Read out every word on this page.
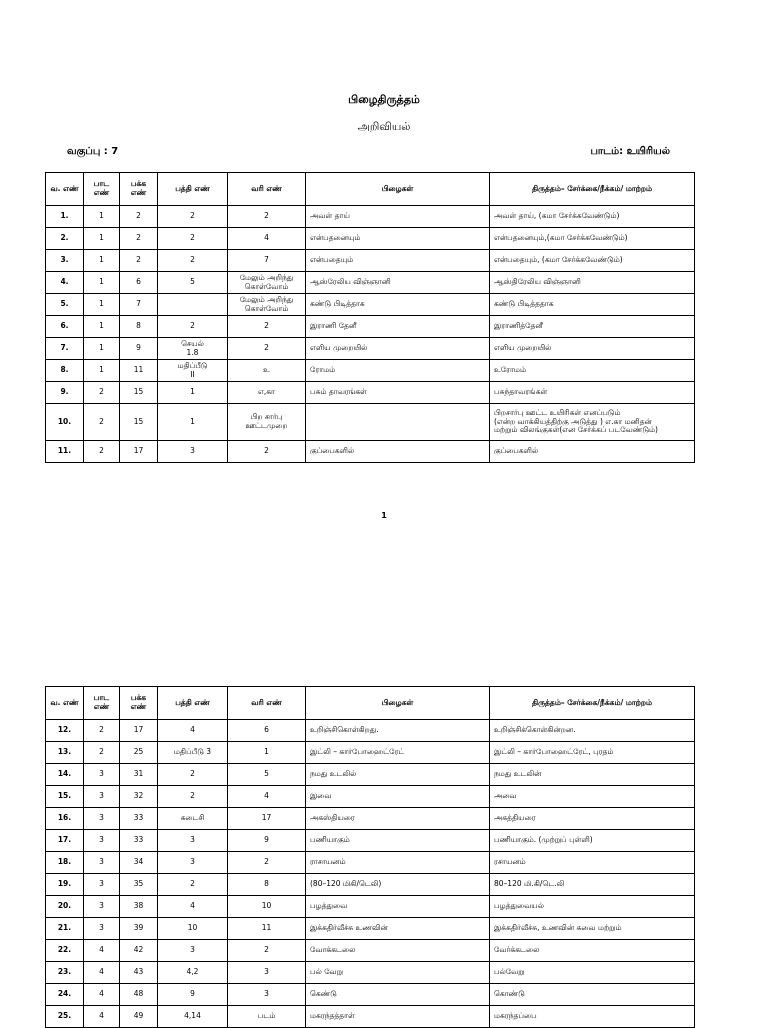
பிழைதிருத்தம்
அறிவியல்
வகுப்பு : 7	பாடம்: உயிரியல்
வ. எண்	பாட எண்	பக்க எண்	பத்தி எண்	வரி எண்	பிழைகள்	திருத்தம்– சேர்க்கை/நீக்கம்/ மாற்றம்
1.	1	2	2	2	அவள் தாய்	அவள் தாய், (கமா சேர்க்கவேண்டும்)
2.	1	2	2	4	என்பதனையும்	என்பதனையும்,(கமா சேர்க்கவேண்டும்)
3.	1	2	2	7	என்பதையும்	என்பதையும், (கமா சேர்க்கவேண்டும்)
4.	1	6	5	மேலும் அறிந்து
கொள்வோம்	ஆஸ்ரேலிய விஞ்ஞானி	ஆஸ்திரேலிய விஞ்ஞானி
5.	1	7		மேலும் அறிந்து
கொள்வோம்	கண்டு பிடித்தாக	கண்டு பிடித்ததாக
6.	1	8	2	2	இராணி தேனீ	இராணித்தேனீ
7.	1	9	செயல்
1.8	2	எளிய முறையில்	எளிய முறையில்
8.	1	11	மதிப்பீடு
II	உ	ரோமம்	உரோமம்
9.	2	15	1	எ,கா	பசும் தாவரங்கள்	பசுந்தாவரங்கள்
10.	2	15	1	பிற சார்பு
ஊட்டமுறை		பிறசார்பு ஊட்ட உயிரிகள் எனப்படும்
(என்ற வாக்கியத்திற்கு அடுத்து ) எ.கா மனிதன்
மற்றும் விலங்குகள்(என சேர்க்கப் படவேண்டும்)
11.	2	17	3	2	குப்பைகளில்	குப்பைகளில்
1
வ. எண்	பாட எண்	பக்க எண்	பத்தி எண்	வரி எண்	பிழைகள்	திருத்தம்– சேர்க்கை/நீக்கம்/ மாற்றம்
12.	2	17	4	6	உறிஞ்சிகொள்கிறது.	உறிஞ்சிக்கொள்கின்றன.
13.	2	25	மதிப்பீடு 3	1	இட்லி – கார்போஹைட்ரேட்	இட்லி – கார்போஹைட்ரேட், புரதம்
14.	3	31	2	5	நமது உடலில்	நமது உடலின்
15.	3	32	2	4	இவை	அவை
16.	3	33	கடைசி	17	அகஸ்தியரை	அகத்தியரை
17.	3	33	3	9	பணியாகும்	பணியாகும். (முற்றுப் புள்ளி)
18.	3	34	3	2	ராசாயனம்	ரசாயனம்
19.	3	35	2	8	(80–120 மிகி/டெலி)	80–120 மி.கி/டெ.லி
20.	3	38	4	10	பழத்துவை	பழத்துவையல்
21.	3	39	10	11	இக்கதிர்வீச்சு உணவின்	இக்கதிர்வீச்சு, உணவின் சுவை மற்றும்
22.	4	42	3	2	வோக்கடலை	வேர்க்கடலை
23.	4	43	4,2	3	பல் வேறு	பல்வேறு
24.	4	48	9	3	கெண்டு	கொண்டு
25.	4	49	4,14	படம்	மகரந்தத்தாள்	மகரந்தப்பை
